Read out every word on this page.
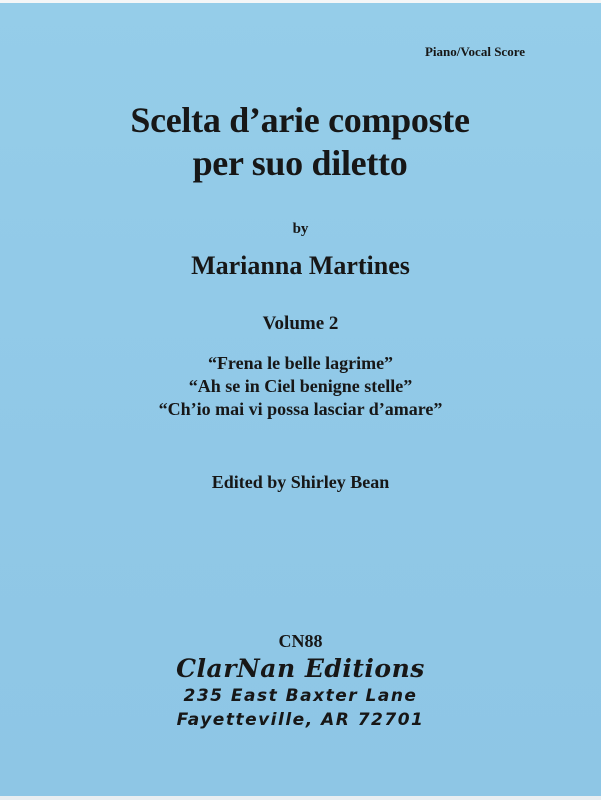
Piano/Vocal Score
Scelta d’arie composte
per suo diletto
by
Marianna Martines
Volume 2
“Frena le belle lagrime”
“Ah se in Ciel benigne stelle”
“Ch’io mai vi possa lasciar d’amare”
Edited by Shirley Bean
CN88
ClarNan Editions
235 East Baxter Lane
Fayetteville, AR 72701
